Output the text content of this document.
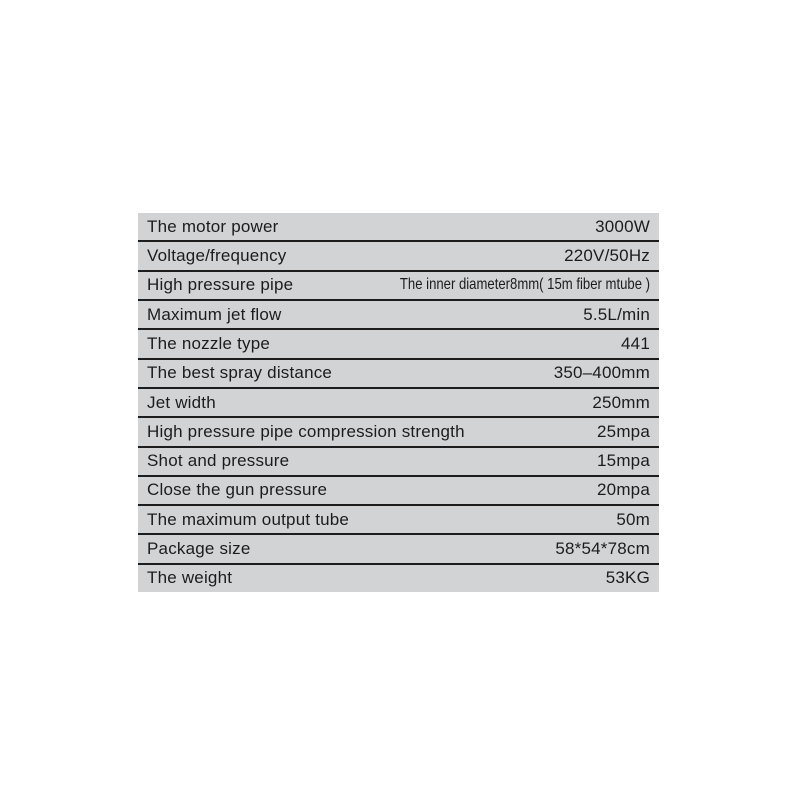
The motor power	3000W
Voltage/frequency	220V/50Hz
High pressure pipe	The inner diameter8mm( 15m fiber mtube )
Maximum jet flow	5.5L/min
The nozzle type	441
The best spray distance	350–400mm
Jet width	250mm
High pressure pipe compression strength	25mpa
Shot and pressure	15mpa
Close the gun pressure	20mpa
The maximum output tube	50m
Package size	58*54*78cm
The weight	53KG
